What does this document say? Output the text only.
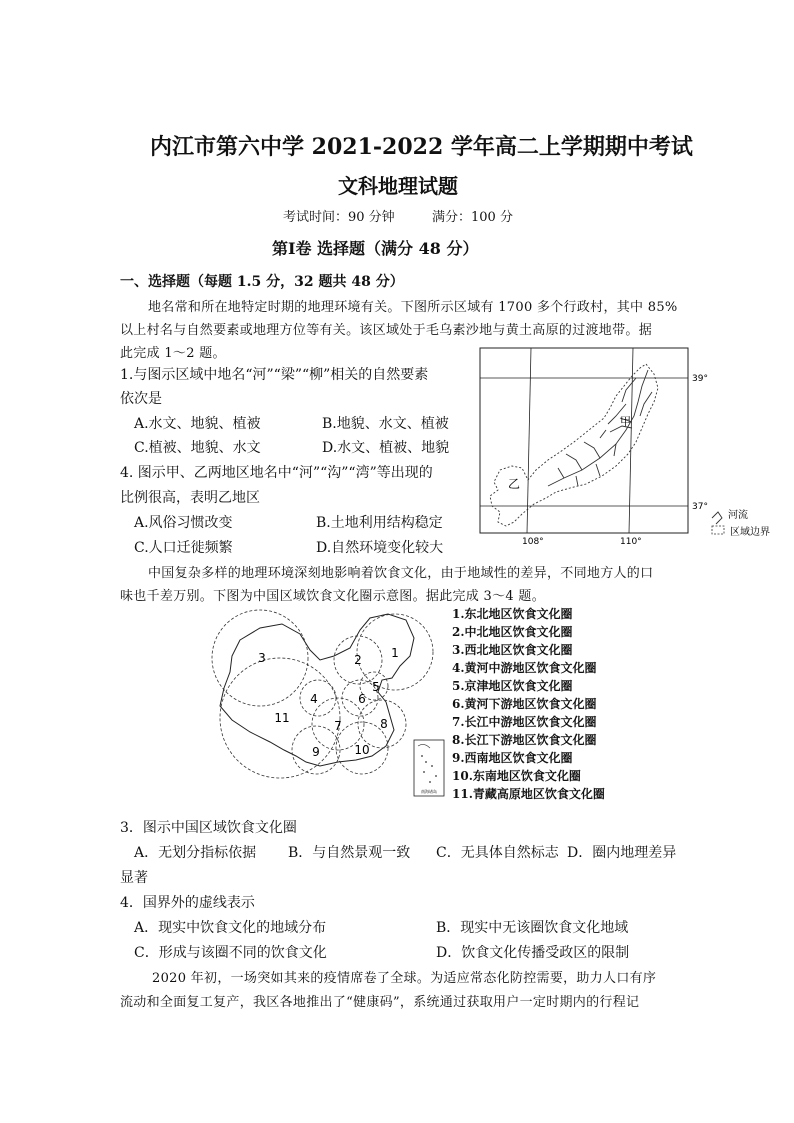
内江市第六中学 2021-2022 学年高二上学期期中考试
文科地理试题
考试时间：90 分钟	满分：100 分
第Ⅰ卷 选择题（满分 48 分）
一、选择题（每题 1.5 分，32 题共 48 分）
地名常和所在地特定时期的地理环境有关。下图所示区域有 1700 多个行政村，其中 85%
以上村名与自然要素或地理方位等有关。该区域处于毛乌素沙地与黄土高原的过渡地带。据
此完成 1～2 题。
1.与图示区域中地名“河”“梁”“柳”相关的自然要素
依次是
A.水文、地貌、植被	B.地貌、水文、植被
C.植被、地貌、水文	D.水文、植被、地貌
4. 图示甲、乙两地区地名中“河”“沟”“湾”等出现的
比例很高，表明乙地区
A.风俗习惯改变	B.土地利用结构稳定
C.人口迁徙频繁	D.自然环境变化较大
乙
甲
39°
37°
108°	110°
河流
区域边界
中国复杂多样的地理环境深刻地影响着饮食文化，由于地域性的差异，不同地方人的口
味也千差万别。下图为中国区域饮食文化圈示意图。据此完成 3～4 题。
1
2
3
4
5
6
7	8
9	10
11
南海诸岛
1.东北地区饮食文化圈
2.中北地区饮食文化圈
3.西北地区饮食文化圈
4.黄河中游地区饮食文化圈
5.京津地区饮食文化圈
6.黄河下游地区饮食文化圈
7.长江中游地区饮食文化圈
8.长江下游地区饮食文化圈
9.西南地区饮食文化圈
10.东南地区饮食文化圈
11.青藏高原地区饮食文化圈
3．图示中国区域饮食文化圈
A．无划分指标依据 B．与自然景观一致 C．无具体自然标志 D．圈内地理差异
显著
4．国界外的虚线表示
A．现实中饮食文化的地域分布	B．现实中无该圈饮食文化地域
C．形成与该圈不同的饮食文化	D．饮食文化传播受政区的限制
2020 年初，一场突如其来的疫情席卷了全球。为适应常态化防控需要，助力人口有序
流动和全面复工复产，我区各地推出了“健康码”，系统通过获取用户一定时期内的行程记
